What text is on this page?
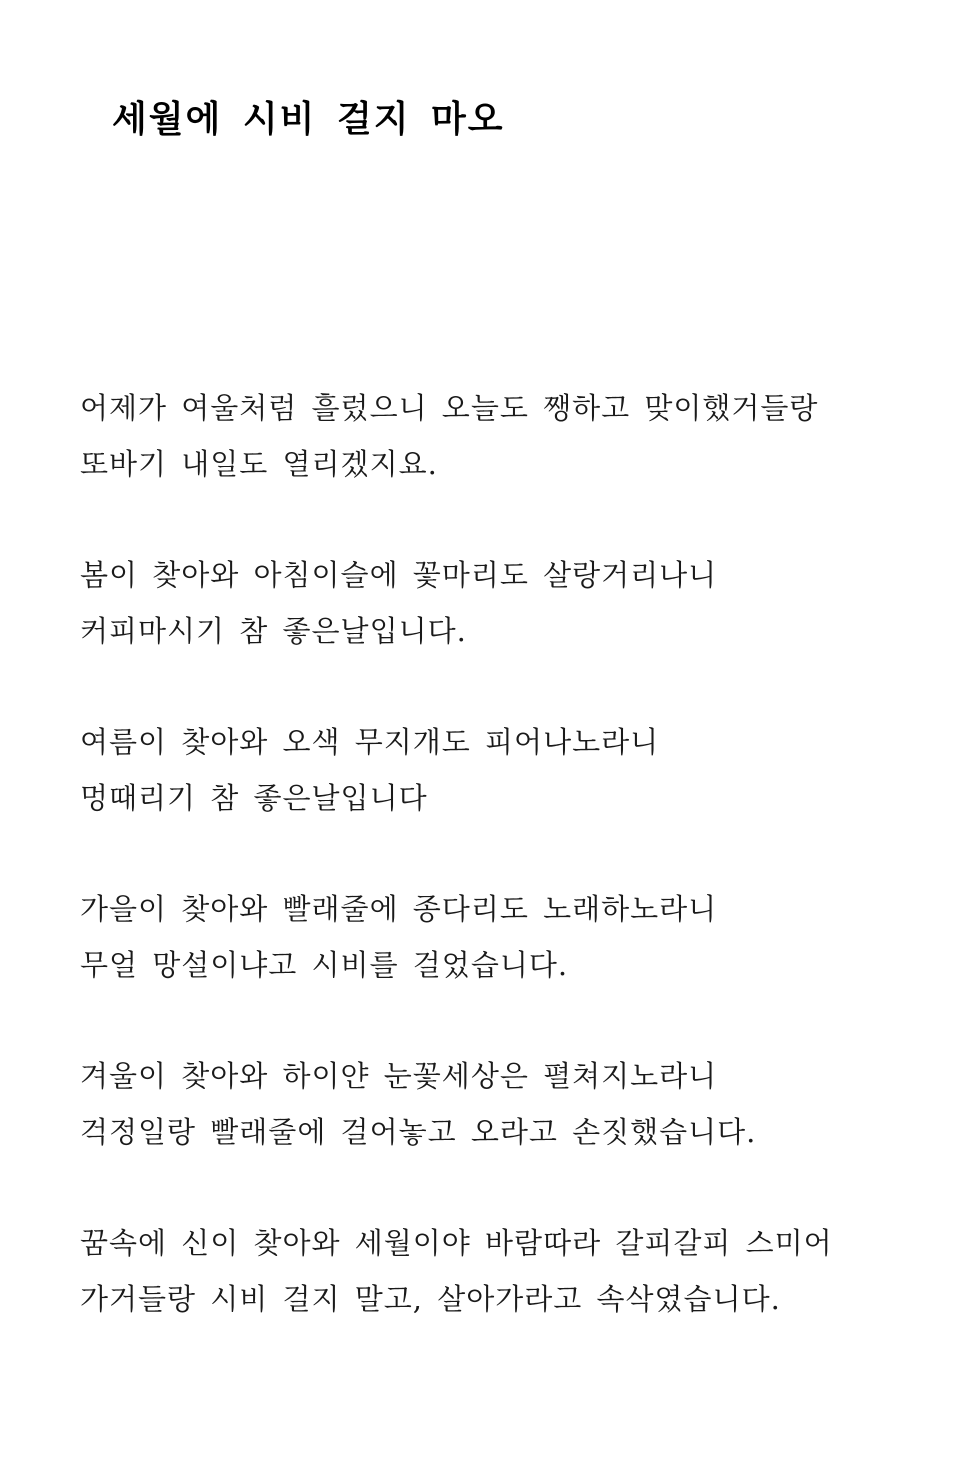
세월에 시비 걸지 마오
어제가 여울처럼 흘렀으니 오늘도 쨍하고 맞이했거들랑
또바기 내일도 열리겠지요.
봄이 찾아와 아침이슬에 꽃마리도 살랑거리나니
커피마시기 참 좋은날입니다.
여름이 찾아와 오색 무지개도 피어나노라니
멍때리기 참 좋은날입니다
가을이 찾아와 빨래줄에 종다리도 노래하노라니
무얼 망설이냐고 시비를 걸었습니다.
겨울이 찾아와 하이얀 눈꽃세상은 펼쳐지노라니
걱정일랑 빨래줄에 걸어놓고 오라고 손짓했습니다.
꿈속에 신이 찾아와 세월이야 바람따라 갈피갈피 스미어
가거들랑 시비 걸지 말고, 살아가라고 속삭였습니다.
